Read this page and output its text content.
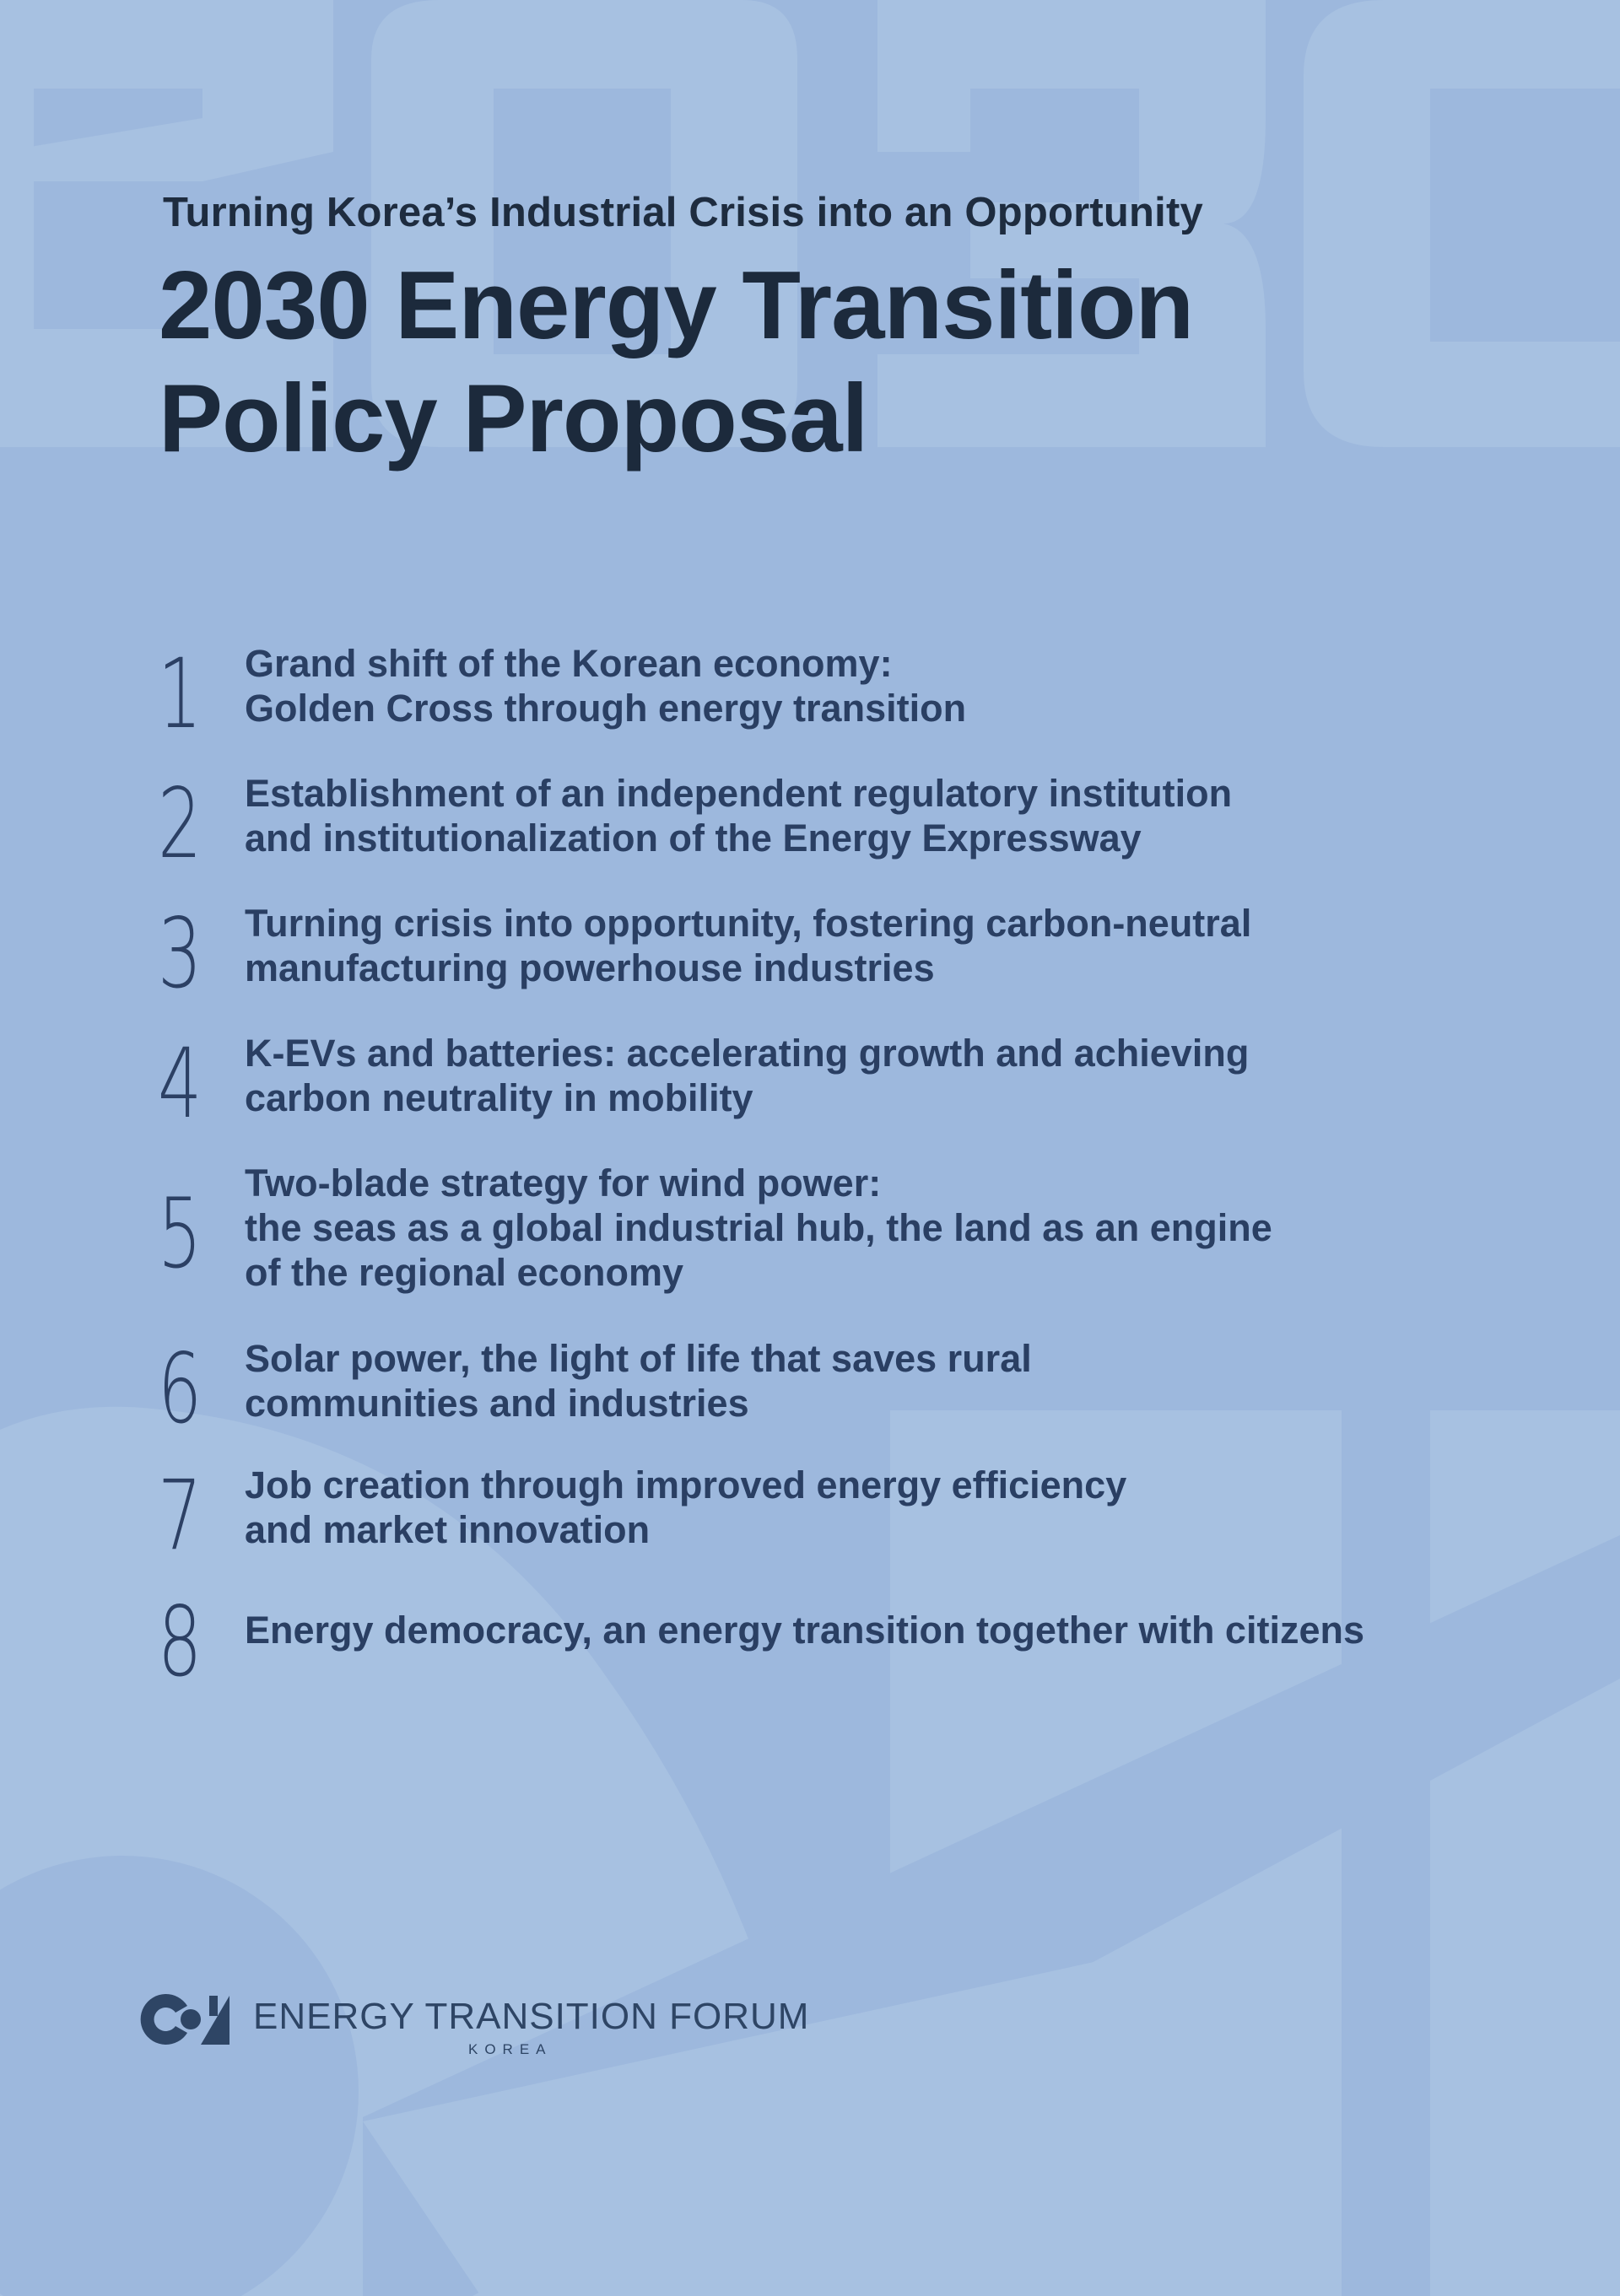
Turning Korea’s Industrial Crisis into an Opportunity
2030 Energy Transition
Policy Proposal
1 Grand shift of the Korean economy:
Golden Cross through energy transition
2 Establishment of an independent regulatory institution
and institutionalization of the Energy Expressway
3 Turning crisis into opportunity, fostering carbon-neutral
manufacturing powerhouse industries
4 K-EVs and batteries: accelerating growth and achieving
carbon neutrality in mobility
5 Two-blade strategy for wind power:
the seas as a global industrial hub, the land as an engine
of the regional economy
6 Solar power, the light of life that saves rural
communities and industries
7 Job creation through improved energy efficiency
and market innovation
8 Energy democracy, an energy transition together with citizens
ENERGY TRANSITION FORUM
KOREA
